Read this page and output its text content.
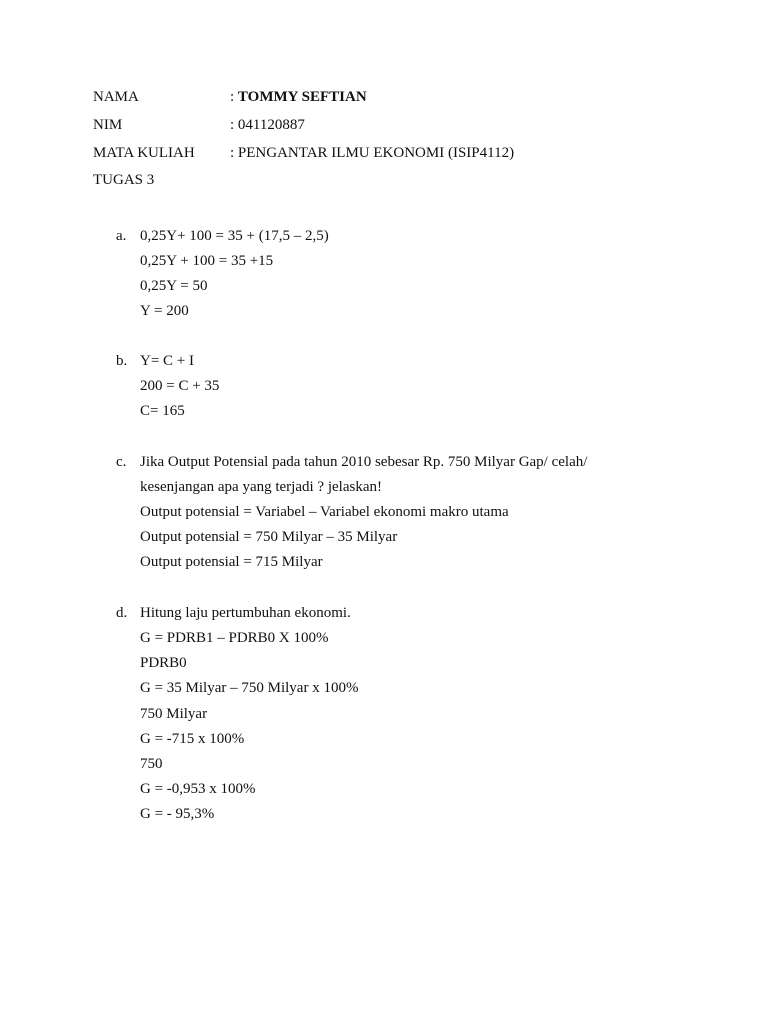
NAMA	: TOMMY SEFTIAN
NIM	: 041120887
MATA KULIAH : PENGANTAR ILMU EKONOMI (ISIP4112)
TUGAS 3
a. 0,25Y+ 100 = 35 + (17,5 – 2,5)
0,25Y + 100 = 35 +15
0,25Y = 50
Y = 200
b. Y= C + I
200 = C + 35
C= 165
c. Jika Output Potensial pada tahun 2010 sebesar Rp. 750 Milyar Gap/ celah/
kesenjangan apa yang terjadi ? jelaskan!
Output potensial = Variabel – Variabel ekonomi makro utama
Output potensial = 750 Milyar – 35 Milyar
Output potensial = 715 Milyar
d. Hitung laju pertumbuhan ekonomi.
G = PDRB1 – PDRB0 X 100%
PDRB0
G = 35 Milyar – 750 Milyar x 100%
750 Milyar
G = -715 x 100%
750
G = -0,953 x 100%
G = - 95,3%
